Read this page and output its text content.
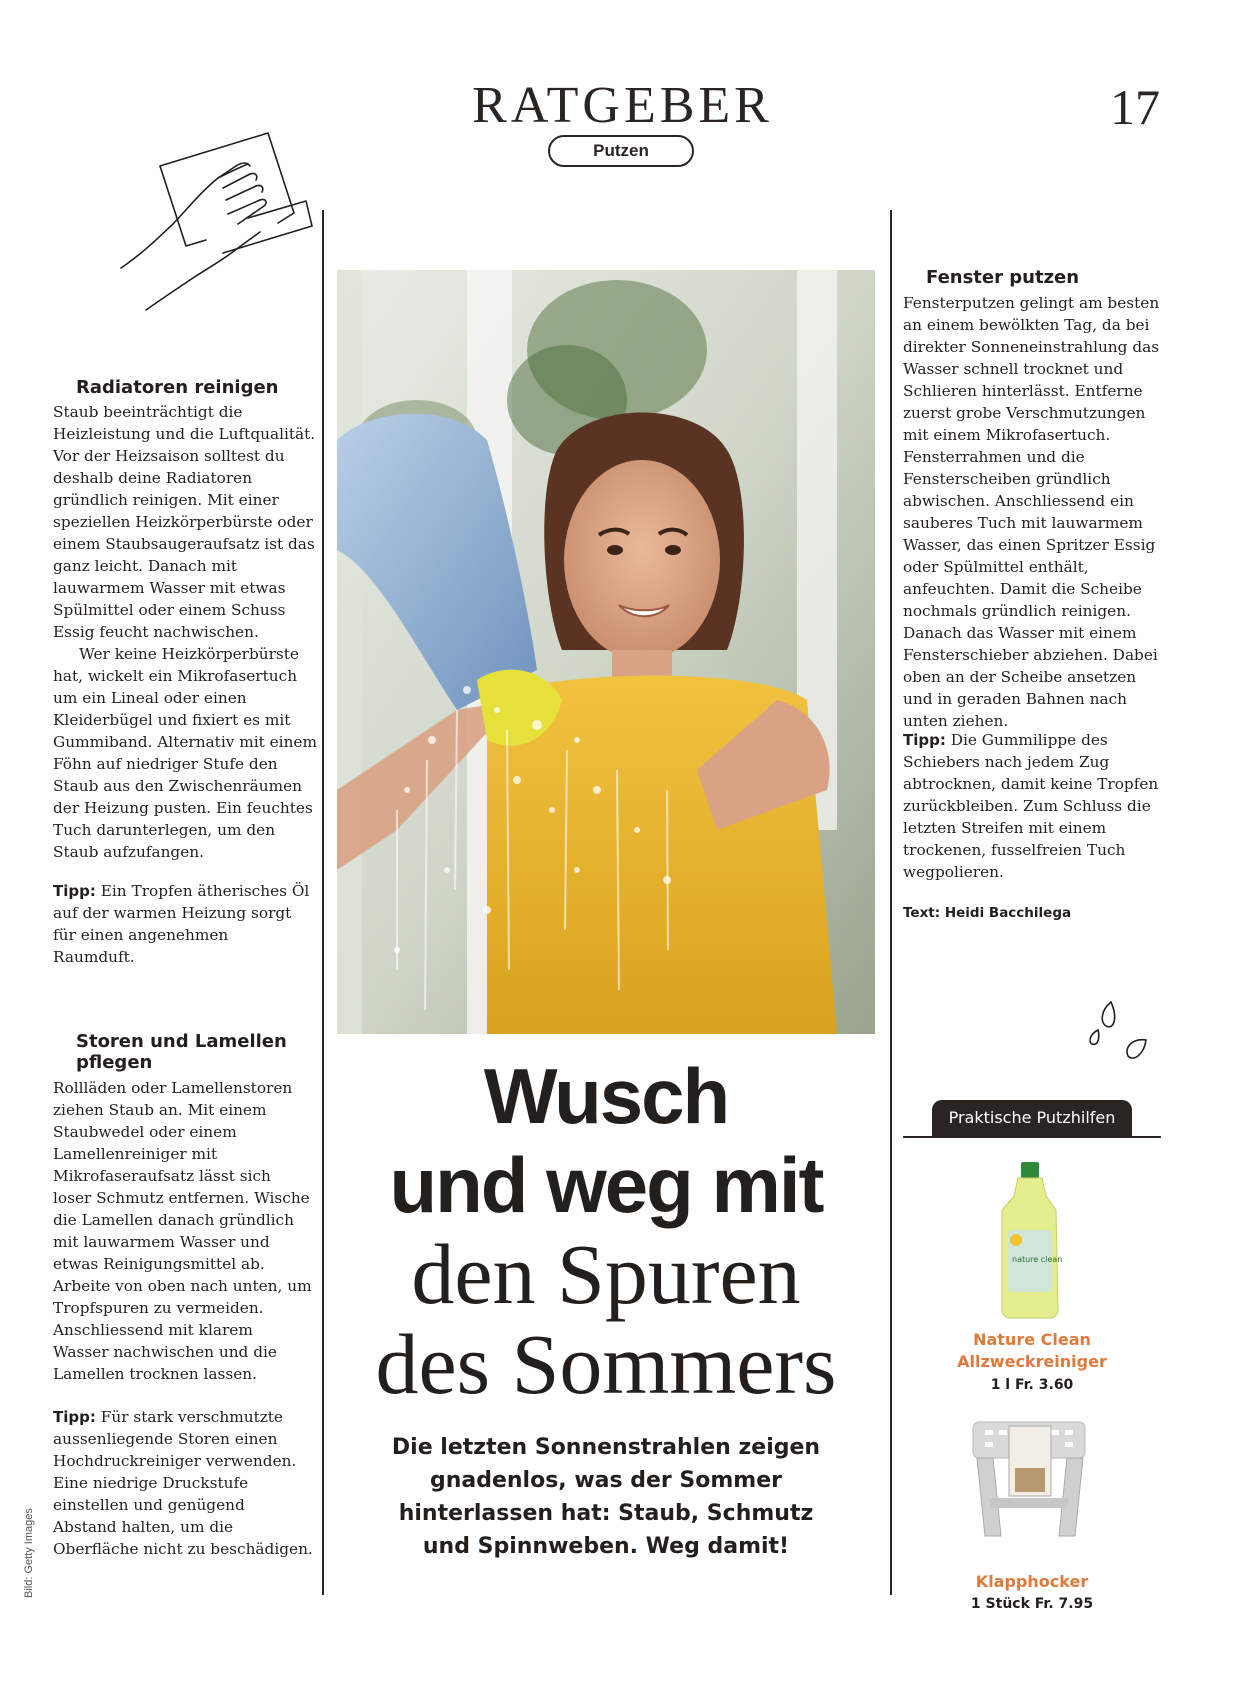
RATGEBER
Putzen
17
Radiatoren reinigen

Staub beeinträchtigt die Heizleistung und die Luftqualität. Vor der Heizsaison solltest du deshalb deine Radiatoren gründlich reinigen. Mit einer speziellen Heizkörperbürste oder einem Staubsaugeraufsatz ist das ganz leicht. Danach mit lauwarmem Wasser mit etwas Spülmittel oder einem Schuss Essig feucht nachwischen.

Wer keine Heizkörperbürste hat, wickelt ein Mikrofasertuch um ein Lineal oder einen Kleiderbügel und fixiert es mit Gummiband. Alternativ mit einem Föhn auf niedriger Stufe den Staub aus den Zwischenräumen der Heizung pusten. Ein feuchtes Tuch darunterlegen, um den Staub aufzufangen.

Tipp: Ein Tropfen ätherisches Öl auf der warmen Heizung sorgt für einen angenehmen Raumduft.
Storen und Lamellen
pflegen

Rollläden oder Lamellenstoren ziehen Staub an. Mit einem Staubwedel oder einem Lamellenreiniger mit Mikrofaseraufsatz lässt sich loser Schmutz entfernen. Wische die Lamellen danach gründlich mit lauwarmem Wasser und etwas Reinigungsmittel ab. Arbeite von oben nach unten, um Tropfspuren zu vermeiden. Anschliessend mit klarem Wasser nachwischen und die Lamellen trocknen lassen.

Tipp: Für stark verschmutzte aussenliegende Storen einen Hochdruckreiniger verwenden. Eine niedrige Druckstufe einstellen und genügend Abstand halten, um die Oberfläche nicht zu beschädigen.
Wusch
und weg mit
den Spuren
des Sommers
Die letzten Sonnenstrahlen zeigen
gnadenlos, was der Sommer
hinterlassen hat: Staub, Schmutz
und Spinnweben. Weg damit!
Fenster putzen

Fensterputzen gelingt am besten an einem bewölkten Tag, da bei direkter Sonneneinstrahlung das Wasser schnell trocknet und Schlieren hinterlässt. Entferne zuerst grobe Verschmutzungen mit einem Mikrofasertuch. Fensterrahmen und die Fensterscheiben gründlich abwischen. Anschliessend ein sauberes Tuch mit lauwarmem Wasser, das einen Spritzer Essig oder Spülmittel enthält, anfeuchten. Damit die Scheibe nochmals gründlich reinigen. Danach das Wasser mit einem Fensterschieber abziehen. Dabei oben an der Scheibe ansetzen und in geraden Bahnen nach unten ziehen.

Tipp: Die Gummilippe des Schiebers nach jedem Zug abtrocknen, damit keine Tropfen zurückbleiben. Zum Schluss die letzten Streifen mit einem trockenen, fusselfreien Tuch wegpolieren.
Text: Heidi Bacchilega
Praktische Putzhilfen
nature clean
Nature Clean
Allzweckreiniger
1 l Fr. 3.60
Klapphocker
1 Stück Fr. 7.95
Bild: Getty Images
